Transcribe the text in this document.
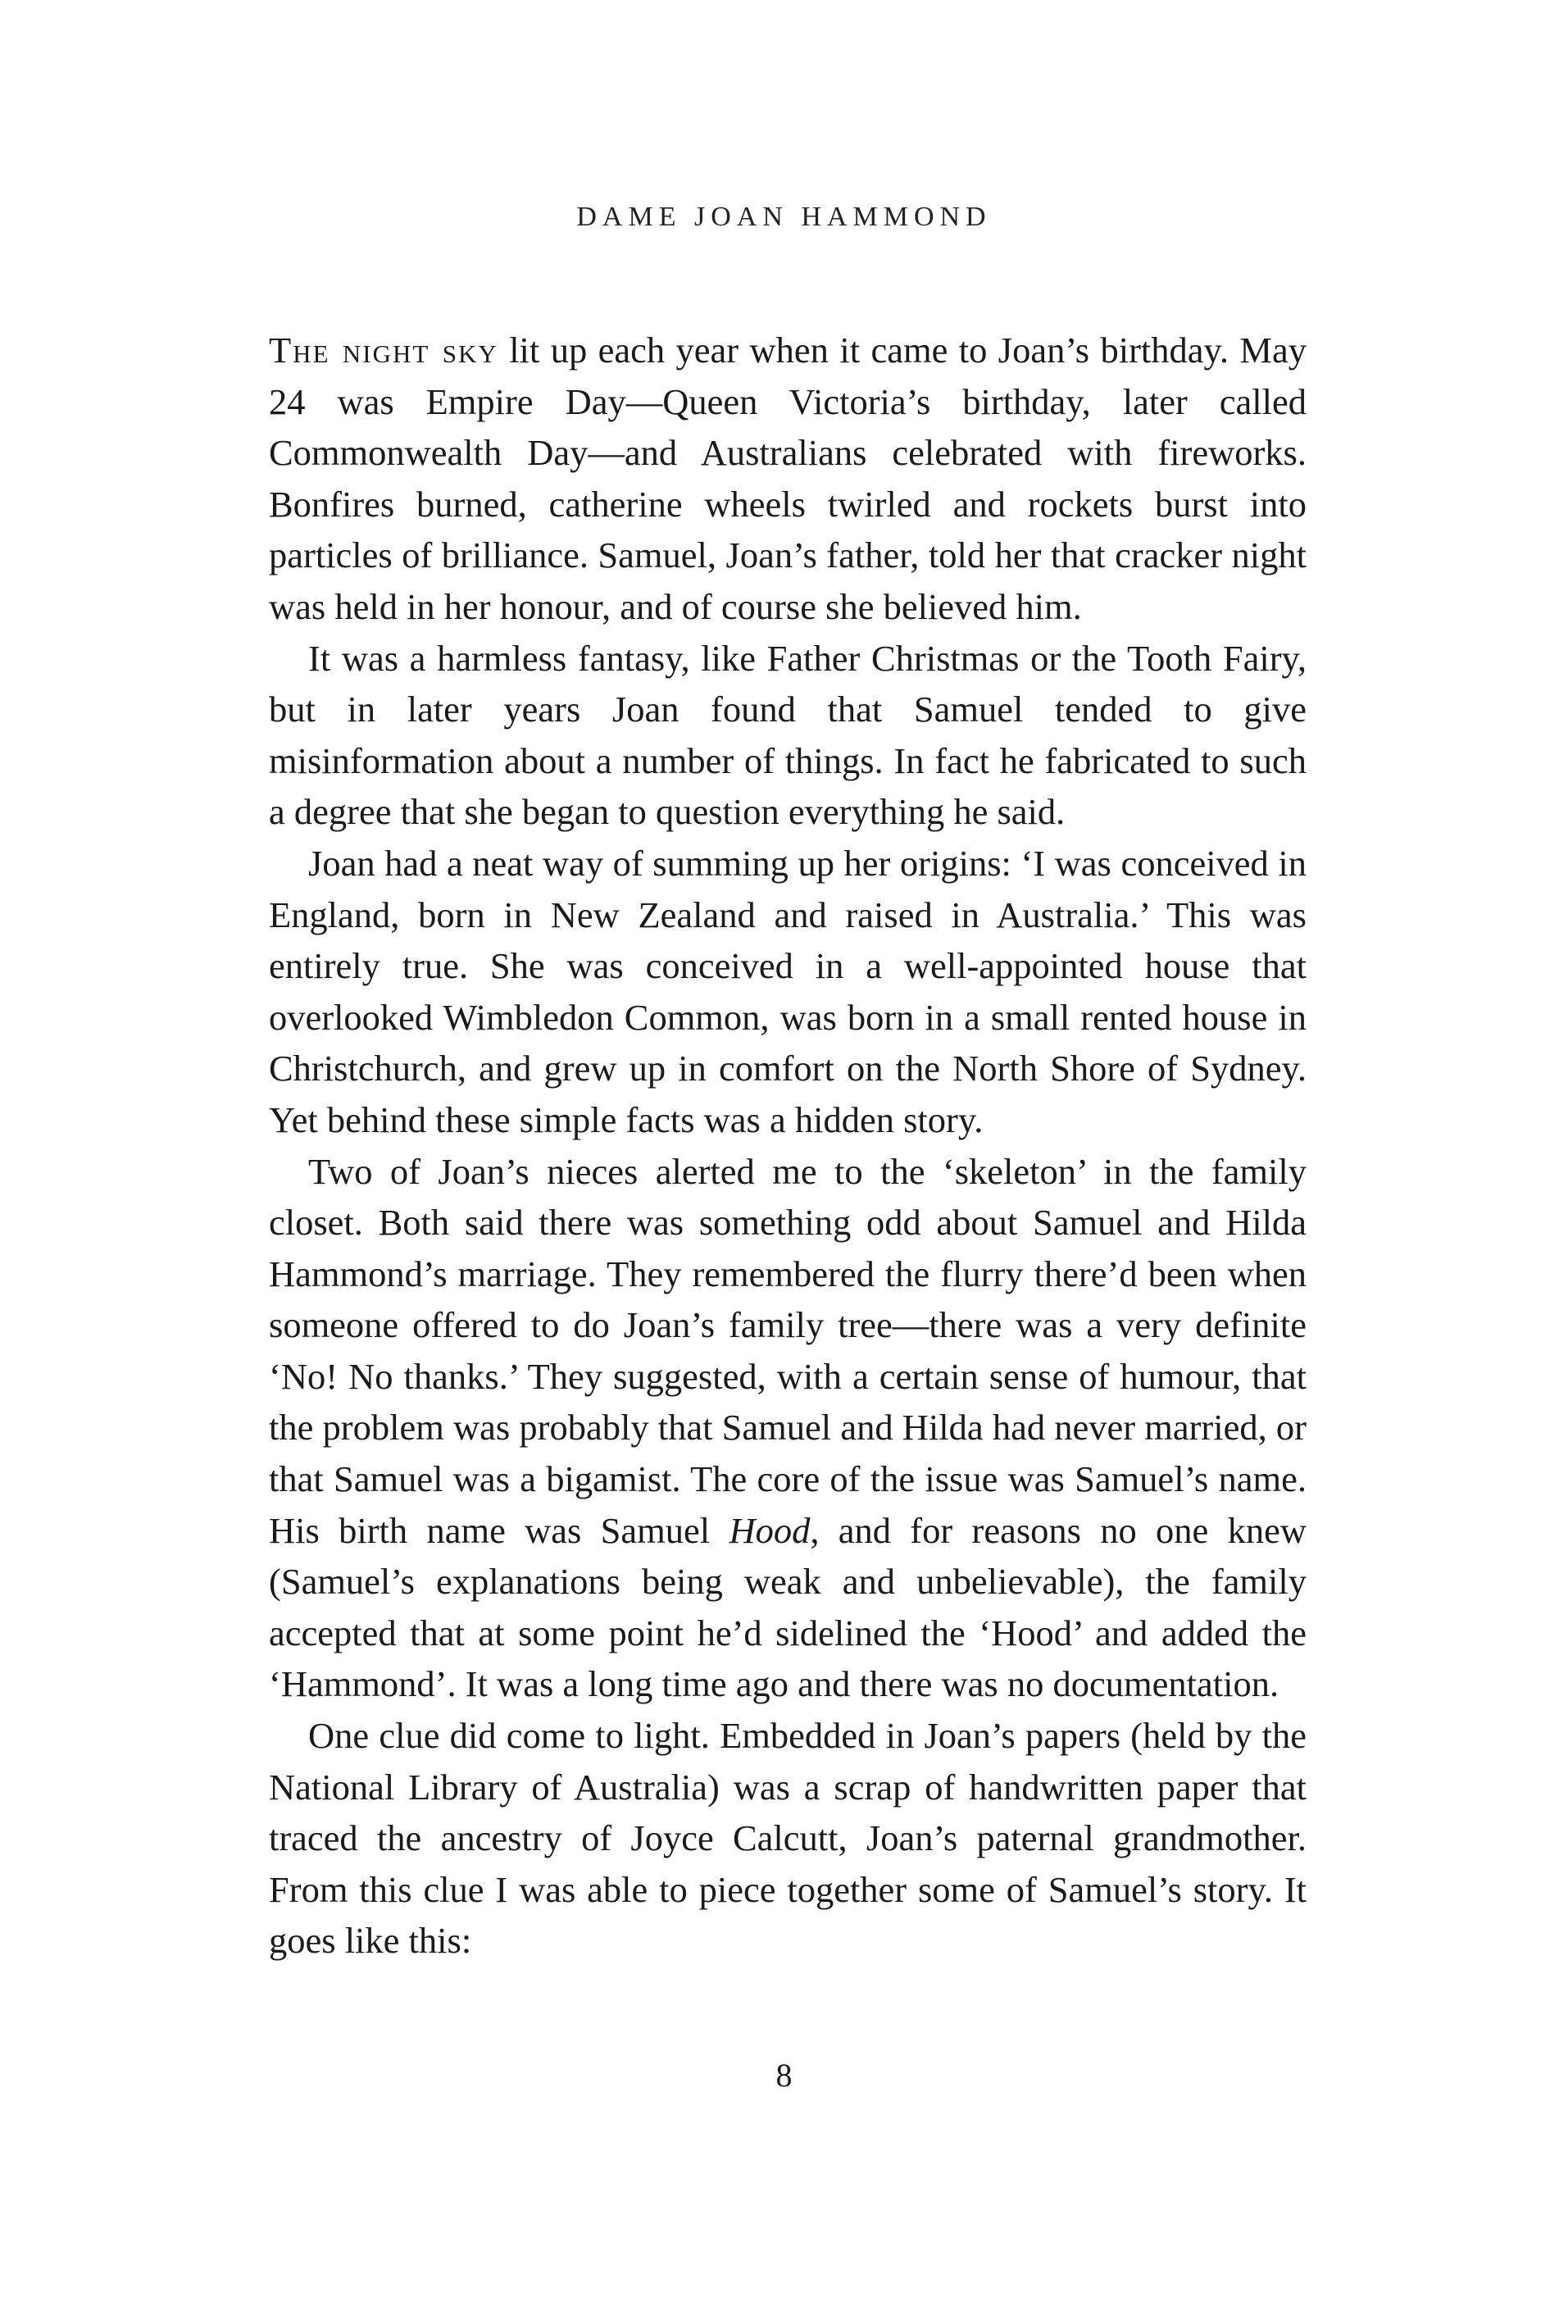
DAME JOAN HAMMOND

The night sky lit up each year when it came to Joan’s birthday. May 24 was Empire Day—Queen Victoria’s birthday, later called Commonwealth Day—and Australians celebrated with fireworks. Bonfires burned, catherine wheels twirled and rockets burst into particles of brilliance. Samuel, Joan’s father, told her that cracker night was held in her honour, and of course she believed him.

It was a harmless fantasy, like Father Christmas or the Tooth Fairy, but in later years Joan found that Samuel tended to give misinformation about a number of things. In fact he fabricated to such a degree that she began to question everything he said.

Joan had a neat way of summing up her origins: ‘I was conceived in England, born in New Zealand and raised in Australia.’ This was entirely true. She was conceived in a well-appointed house that overlooked Wimbledon Common, was born in a small rented house in Christchurch, and grew up in comfort on the North Shore of Sydney. Yet behind these simple facts was a hidden story.

Two of Joan’s nieces alerted me to the ‘skeleton’ in the family closet. Both said there was something odd about Samuel and Hilda Hammond’s marriage. They remembered the flurry there’d been when someone offered to do Joan’s family tree—there was a very definite ‘No! No thanks.’ They suggested, with a certain sense of humour, that the problem was probably that Samuel and Hilda had never married, or that Samuel was a bigamist. The core of the issue was Samuel’s name. His birth name was Samuel Hood, and for reasons no one knew (Samuel’s explanations being weak and unbelievable), the family accepted that at some point he’d sidelined the ‘Hood’ and added the ‘Hammond’. It was a long time ago and there was no documentation.

One clue did come to light. Embedded in Joan’s papers (held by the National Library of Australia) was a scrap of handwritten paper that traced the ancestry of Joyce Calcutt, Joan’s paternal grandmother. From this clue I was able to piece together some of Samuel’s story. It goes like this:

8
